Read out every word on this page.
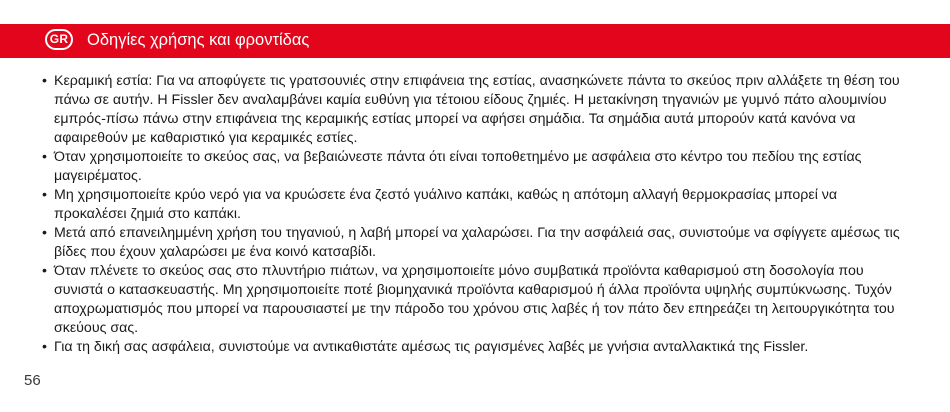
GR Οδηγίες χρήσης και φροντίδας
• Κεραμική εστία: Για να αποφύγετε τις γρατσουνιές στην επιφάνεια της εστίας, ανασηκώνετε πάντα το σκεύος πριν αλλάξετε τη θέση του πάνω σε αυτήν. Η Fissler δεν αναλαμβάνει καμία ευθύνη για τέτοιου είδους ζημιές. Η μετακίνηση τηγανιών με γυμνό πάτο αλουμινίου εμπρός-πίσω πάνω στην επιφάνεια της κεραμικής εστίας μπορεί να αφήσει σημάδια. Τα σημάδια αυτά μπορούν κατά κανόνα να αφαιρεθούν με καθαριστικό για κεραμικές εστίες.
• Όταν χρησιμοποιείτε το σκεύος σας, να βεβαιώνεστε πάντα ότι είναι τοποθετημένο με ασφάλεια στο κέντρο του πεδίου της εστίας μαγειρέματος.
• Μη χρησιμοποιείτε κρύο νερό για να κρυώσετε ένα ζεστό γυάλινο καπάκι, καθώς η απότομη αλλαγή θερμοκρασίας μπορεί να προκαλέσει ζημιά στο καπάκι.
• Μετά από επανειλημμένη χρήση του τηγανιού, η λαβή μπορεί να χαλαρώσει. Για την ασφάλειά σας, συνιστούμε να σφίγγετε αμέσως τις βίδες που έχουν χαλαρώσει με ένα κοινό κατσαβίδι.
• Όταν πλένετε το σκεύος σας στο πλυντήριο πιάτων, να χρησιμοποιείτε μόνο συμβατικά προϊόντα καθαρισμού στη δοσολογία που συνιστά ο κατασκευαστής. Μη χρησιμοποιείτε ποτέ βιομηχανικά προϊόντα καθαρισμού ή άλλα προϊόντα υψηλής συμπύκνωσης. Τυχόν αποχρωματισμός που μπορεί να παρουσιαστεί με την πάροδο του χρόνου στις λαβές ή τον πάτο δεν επηρεάζει τη λειτουργικότητα του σκεύους σας.
• Για τη δική σας ασφάλεια, συνιστούμε να αντικαθιστάτε αμέσως τις ραγισμένες λαβές με γνήσια ανταλλακτικά της Fissler.
56
